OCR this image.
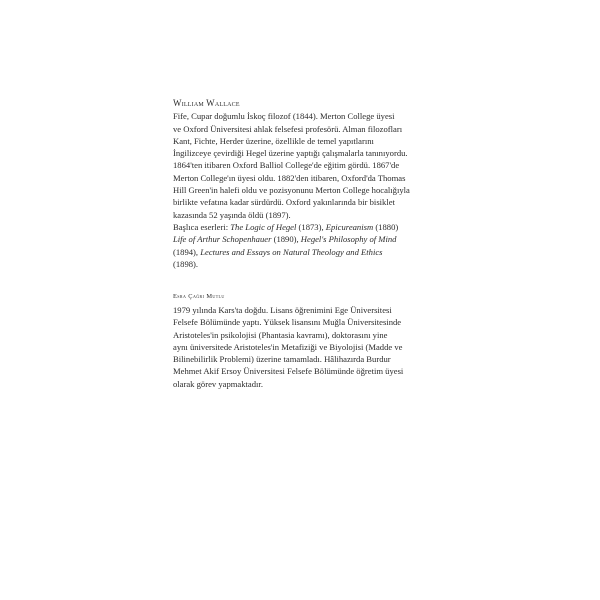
William Wallace
Fife, Cupar doğumlu İskoç filozof (1844). Merton College üyesi
ve Oxford Üniversitesi ahlak felsefesi profesörü. Alman filozofları
Kant, Fichte, Herder üzerine, özellikle de temel yapıtlarını
İngilizceye çevirdiği Hegel üzerine yaptığı çalışmalarla tanınıyordu.
1864'ten itibaren Oxford Balliol College'de eğitim gördü. 1867'de
Merton College'ın üyesi oldu. 1882'den itibaren, Oxford'da Thomas
Hill Green'in halefi oldu ve pozisyonunu Merton College hocalığıyla
birlikte vefatına kadar sürdürdü. Oxford yakınlarında bir bisiklet
kazasında 52 yaşında öldü (1897).
Başlıca eserleri: The Logic of Hegel (1873), Epicureanism (1880)
Life of Arthur Schopenhauer (1890), Hegel's Philosophy of Mind
(1894), Lectures and Essays on Natural Theology and Ethics
(1898).
Esra Çağrı Mutlu
1979 yılında Kars'ta doğdu. Lisans öğrenimini Ege Üniversitesi
Felsefe Bölümünde yaptı. Yüksek lisansını Muğla Üniversitesinde
Aristoteles'in psikolojisi (Phantasia kavramı), doktorasını yine
aynı üniversitede Aristoteles'in Metafiziği ve Biyolojisi (Madde ve
Bilinebilirlik Problemi) üzerine tamamladı. Hâlihazırda Burdur
Mehmet Akif Ersoy Üniversitesi Felsefe Bölümünde öğretim üyesi
olarak görev yapmaktadır.
